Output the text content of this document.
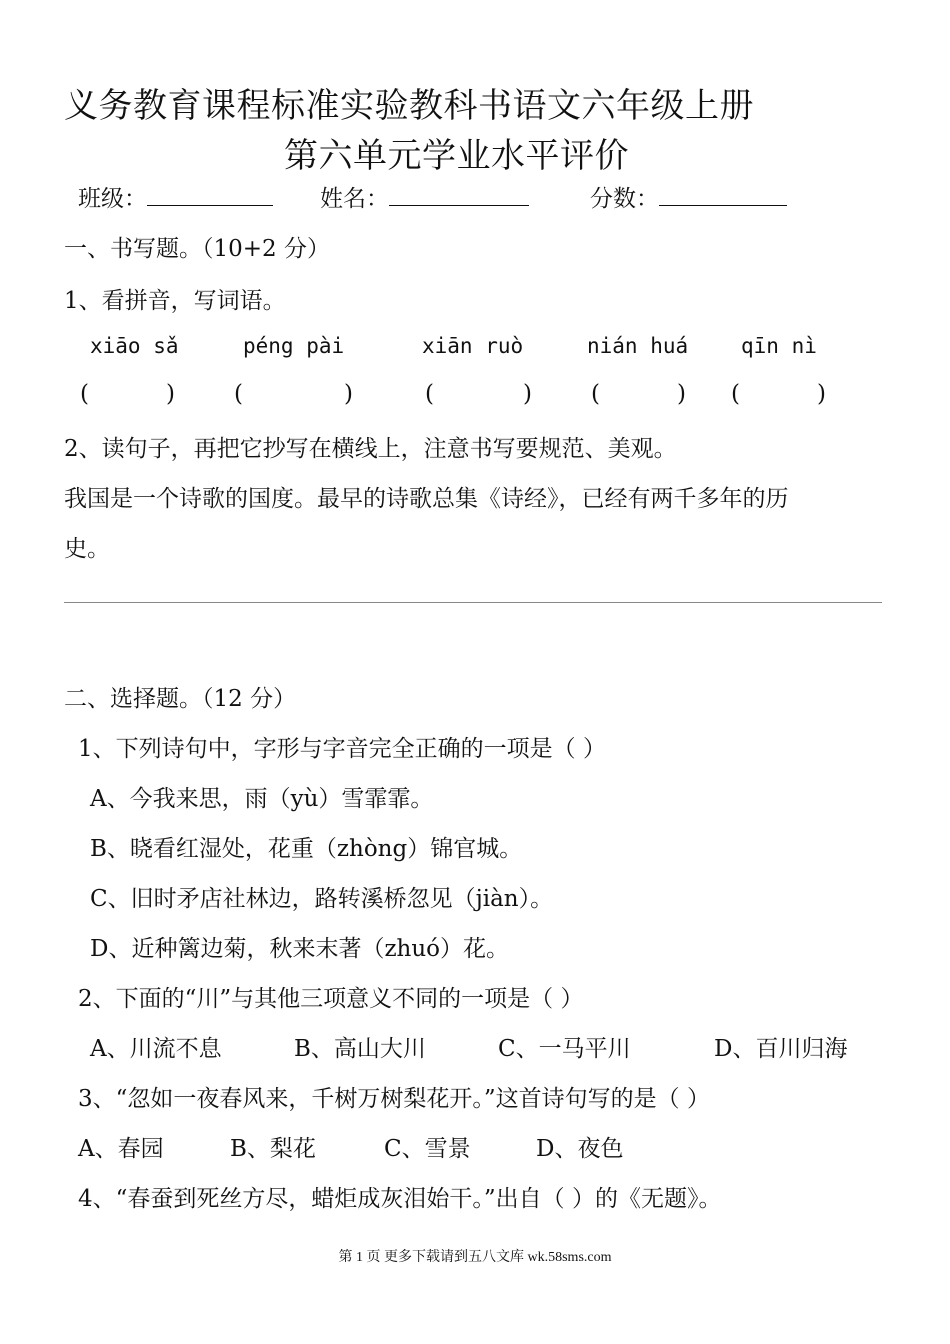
义务教育课程标准实验教科书语文六年级上册
第六单元学业水平评价
班级：	姓名：	分数：
一、书写题。（10+2 分）
1、看拼音，写词语。
xiāo sǎ	péng pài	xiān ruò	nián huá	qīn nì
(	)	(	)	(	)	(	) (	)
2、读句子，再把它抄写在横线上，注意书写要规范、美观。
我国是一个诗歌的国度。最早的诗歌总集《诗经》，已经有两千多年的历
史。
二、选择题。（12 分）
1、下列诗句中，字形与字音完全正确的一项是（ ）
A、今我来思，雨（yù）雪霏霏。
B、晓看红湿处，花重（zhòng）锦官城。
C、旧时矛店社林边，路转溪桥忽见（jiàn）。
D、近种篱边菊，秋来末著（zhuó）花。
2、下面的“川”与其他三项意义不同的一项是（ ）
A、川流不息	B、高山大川	C、一马平川	D、百川归海
3、“忽如一夜春风来，千树万树梨花开。”这首诗句写的是（ ）
A、春园	B、梨花	C、雪景	D、夜色
4、“春蚕到死丝方尽，蜡炬成灰泪始干。”出自（ ）的《无题》。
第 1 页 更多下载请到五八文库 wk.58sms.com
